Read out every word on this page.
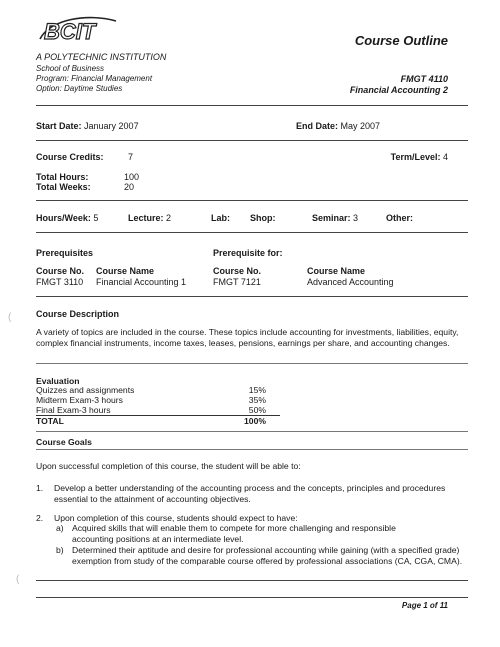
BCIT
A POLYTECHNIC INSTITUTION
School of Business
Program: Financial Management
Option: Daytime Studies
Course Outline
FMGT 4110
Financial Accounting 2
Start Date: January 2007	End Date: May 2007
Course Credits:	7	Term/Level: 4
Total Hours:	100
Total Weeks:	20
Hours/Week: 5	Lecture: 2	Lab: Shop:	Seminar: 3	Other:
Prerequisites	Prerequisite for:
Course No. Course Name	Course No.	Course Name
FMGT 3110 Financial Accounting 1	FMGT 7121	Advanced Accounting
Course Description
A variety of topics are included in the course. These topics include accounting for investments, liabilities, equity, complex financial instruments, income taxes, leases, pensions, earnings per share, and accounting changes.
Evaluation
Quizzes and assignments	15%
Midterm Exam-3 hours	35%
Final Exam-3 hours	50%
TOTAL	100%
Course Goals
Upon successful completion of this course, the student will be able to:
1. Develop a better understanding of the accounting process and the concepts, principles and procedures essential to the attainment of accounting objectives.
2. Upon completion of this course, students should expect to have:
a) Acquired skills that will enable them to compete for more challenging and responsible accounting positions at an intermediate level.
b) Determined their aptitude and desire for professional accounting while gaining (with a specified grade) exemption from study of the comparable course offered by professional associations (CA, CGA, CMA).
Page 1 of 11
(
(
